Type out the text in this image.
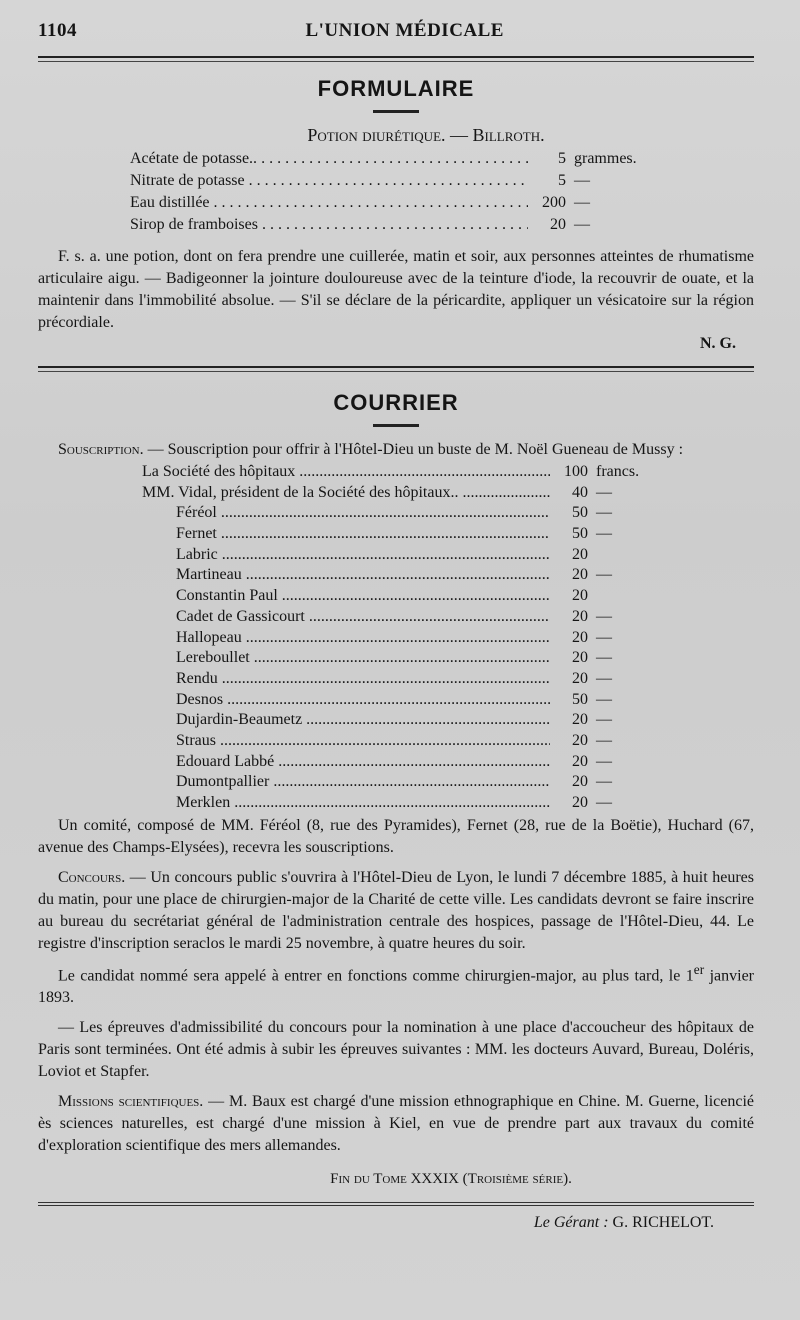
1104	L'UNION MÉDICALE
FORMULAIRE
Potion diurétique. — Billroth.
Acétate de potasse.. . . .	5 grammes.
Nitrate de potasse . . .	5 —
Eau distillée . . .	200 —
Sirop de framboises . . .	20 —

F. s. a. une potion, dont on fera prendre une cuillerée, matin et soir, aux personnes atteintes de rhumatisme articulaire aigu. — Badigeonner la jointure douloureuse avec de la teinture d'iode, la recouvrir de ouate, et la maintenir dans l'immobilité absolue. — S'il se déclare de la péricardite, appliquer un vésicatoire sur la région précordiale.

N. G.
COURRIER

Souscription. — Souscription pour offrir à l'Hôtel-Dieu un buste de M. Noël Gueneau de Mussy :

La Société des hôpitaux .....	100 francs.
MM. Vidal, président de la Société des hôpitaux.. .....	40 —
Féréol .....	50 —
Fernet .....	50 —
Labric .....	20
Martineau .....	20 —
Constantin Paul .....	20
Cadet de Gassicourt .....	20 —
Hallopeau .....	20 —
Lereboullet .....	20 —
Rendu .....	20 —
Desnos .....	50 —
Dujardin-Beaumetz .....	20 —
Straus .....	20 —
Edouard Labbé .....	20 —
Dumontpallier .....	20 —
Merklen .....	20 —

Un comité, composé de MM. Féréol (8, rue des Pyramides), Fernet (28, rue de la Boëtie), Huchard (67, avenue des Champs-Elysées), recevra les souscriptions.

Concours. — Un concours public s'ouvrira à l'Hôtel-Dieu de Lyon, le lundi 7 décembre 1885, à huit heures du matin, pour une place de chirurgien-major de la Charité de cette ville. Les candidats devront se faire inscrire au bureau du secrétariat général de l'administration centrale des hospices, passage de l'Hôtel-Dieu, 44. Le registre d'inscription seraclos le mardi 25 novembre, à quatre heures du soir.

Le candidat nommé sera appelé à entrer en fonctions comme chirurgien-major, au plus tard, le 1er janvier 1893.

— Les épreuves d'admissibilité du concours pour la nomination à une place d'accoucheur des hôpitaux de Paris sont terminées. Ont été admis à subir les épreuves suivantes : MM. les docteurs Auvard, Bureau, Doléris, Loviot et Stapfer.

Missions scientifiques. — M. Baux est chargé d'une mission ethnographique en Chine. M. Guerne, licencié ès sciences naturelles, est chargé d'une mission à Kiel, en vue de prendre part aux travaux du comité d'exploration scientifique des mers allemandes.

Fin du Tome XXXIX (Troisième série).
Le Gérant : G. RICHELOT.
